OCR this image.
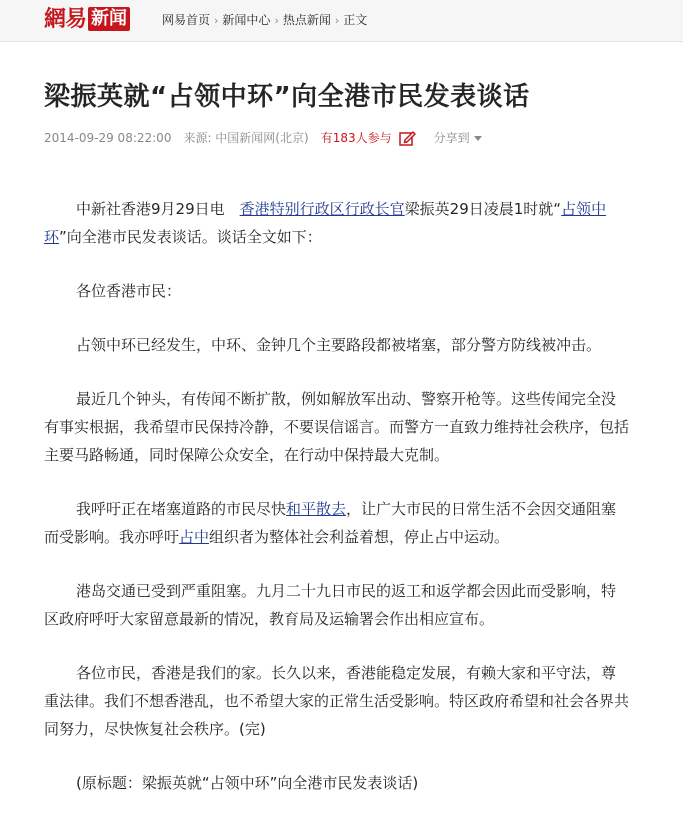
網易 新闻	网易首页 › 新闻中心 › 热点新闻 › 正文
梁振英就“占领中环”向全港市民发表谈话
2014-09-29 08:22:00 来源: 中国新闻网(北京) 有183人参与	分享到

中新社香港9月29日电　香港特别行政区行政长官梁振英29日凌晨1时就“占领中环”向全港市民发表谈话。谈话全文如下：

各位香港市民：

占领中环已经发生，中环、金钟几个主要路段都被堵塞，部分警方防线被冲击。

最近几个钟头，有传闻不断扩散，例如解放军出动、警察开枪等。这些传闻完全没有事实根据，我希望市民保持冷静，不要误信谣言。而警方一直致力维持社会秩序，包括主要马路畅通，同时保障公众安全，在行动中保持最大克制。

我呼吁正在堵塞道路的市民尽快和平散去，让广大市民的日常生活不会因交通阻塞而受影响。我亦呼吁占中组织者为整体社会利益着想，停止占中运动。

港岛交通已受到严重阻塞。九月二十九日市民的返工和返学都会因此而受影响，特区政府呼吁大家留意最新的情况，教育局及运输署会作出相应宣布。

各位市民，香港是我们的家。长久以来，香港能稳定发展，有赖大家和平守法，尊重法律。我们不想香港乱，也不希望大家的正常生活受影响。特区政府希望和社会各界共同努力，尽快恢复社会秩序。(完)

(原标题：梁振英就“占领中环”向全港市民发表谈话)
